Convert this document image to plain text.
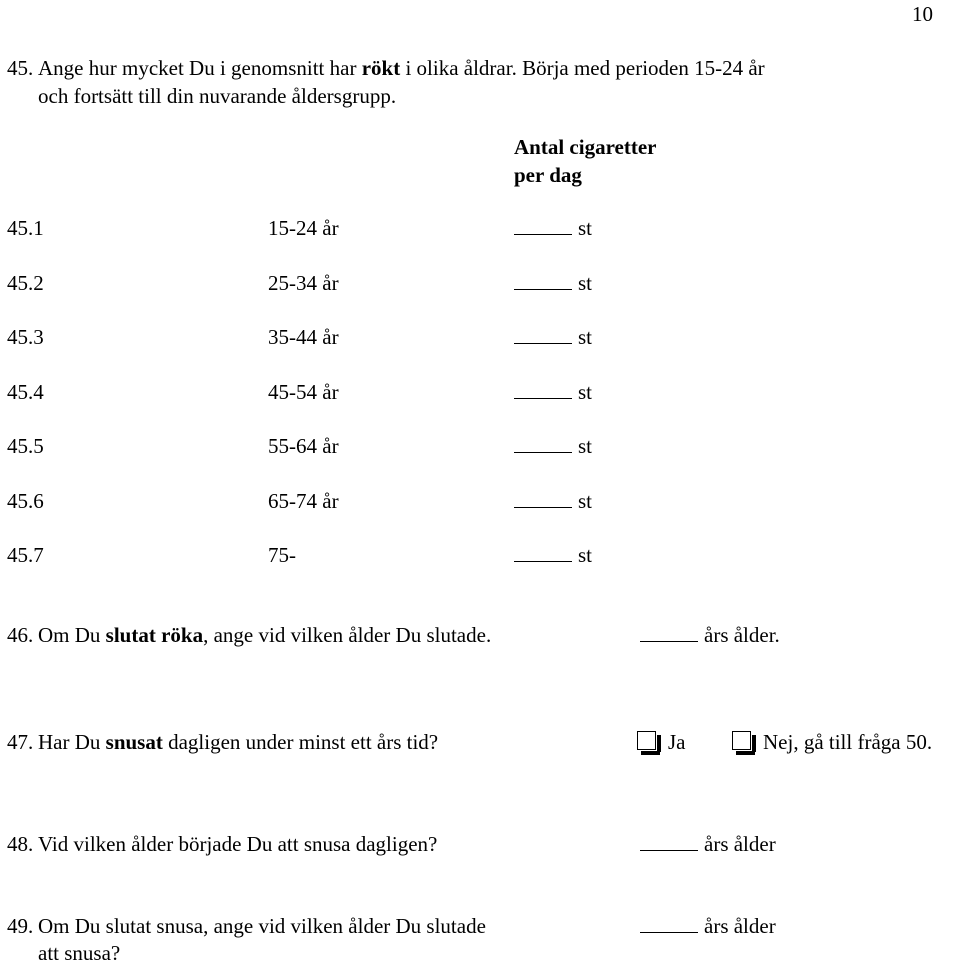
10
45. Ange hur mycket Du i genomsnitt har rökt i olika åldrar. Börja med perioden 15-24 år
och fortsätt till din nuvarande åldersgrupp.
Antal cigaretter
per dag
45.1	15-24 år	st
45.2	25-34 år	st
45.3	35-44 år	st
45.4	45-54 år	st
45.5	55-64 år	st
45.6	65-74 år	st
45.7	75-	st
46. Om Du slutat röka, ange vid vilken ålder Du slutade.	års ålder.
47. Har Du snusat dagligen under minst ett års tid?	Ja	Nej, gå till fråga 50.
48. Vid vilken ålder började Du att snusa dagligen?	års ålder
49. Om Du slutat snusa, ange vid vilken ålder Du slutade
att snusa?
års ålder
